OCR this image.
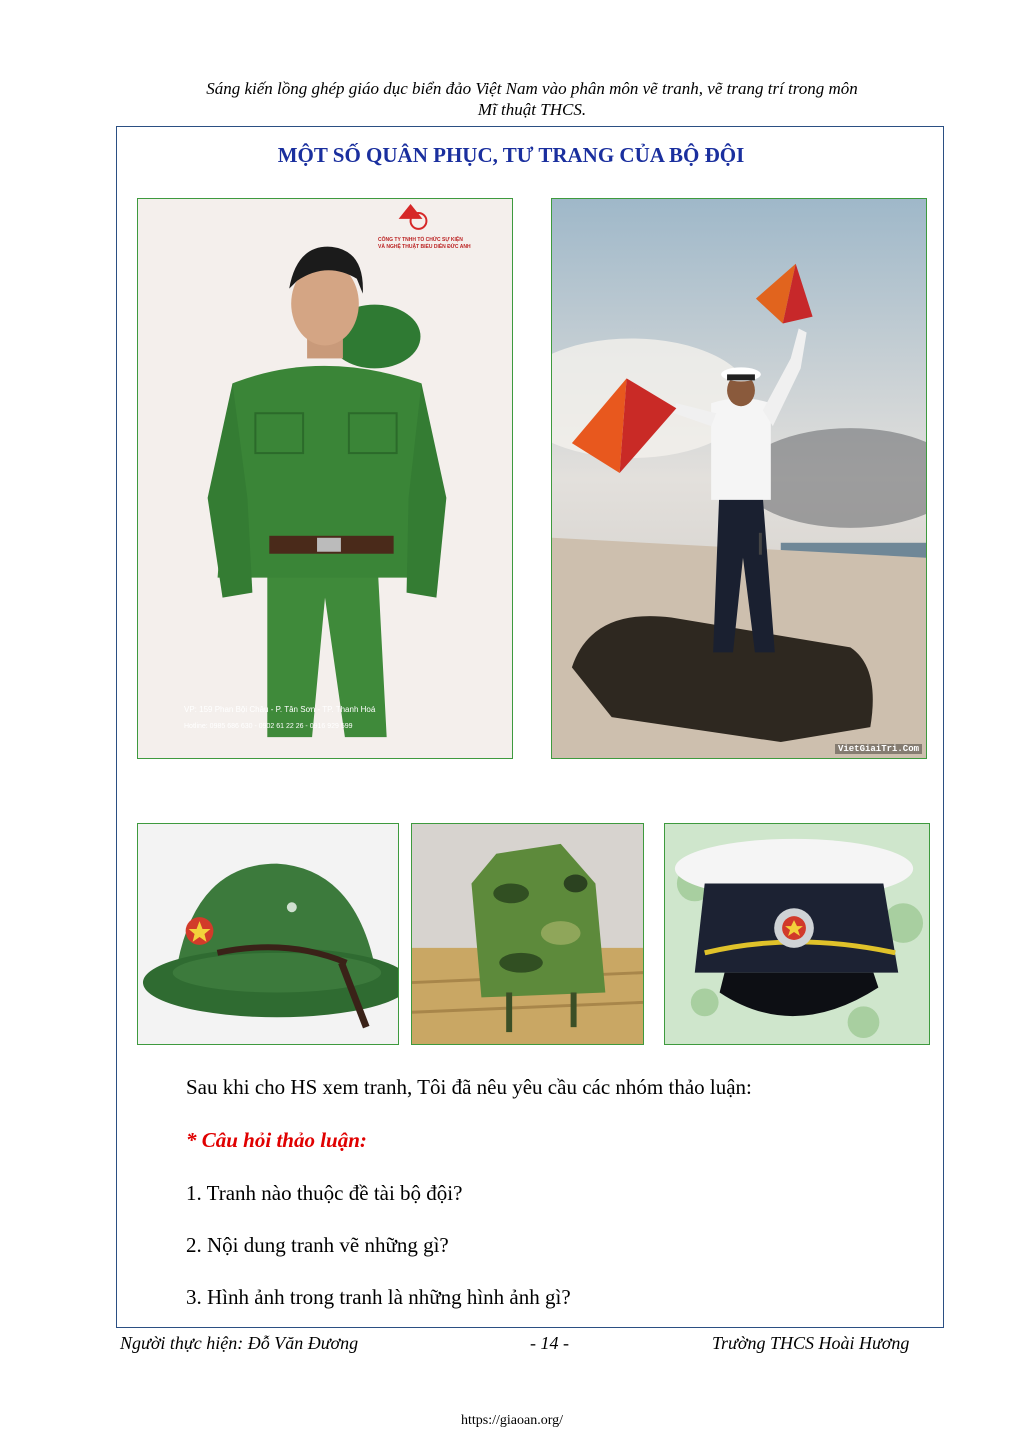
Sáng kiến lồng ghép giáo dục biển đảo Việt Nam vào phân môn vẽ tranh, vẽ trang trí trong môn
Mĩ thuật THCS.
MỘT SỐ QUÂN PHỤC, TƯ TRANG CỦA BỘ ĐỘI
CÔNG TY TNHH TỔ CHỨC SỰ KIỆN
VÀ NGHỆ THUẬT BIỂU DIỄN ĐỨC ANH
VP: 159 Phan Bội Châu - P. Tân Sơn - TP. Thanh Hoá
Hotline: 0985 686 630 - 0902 61 22 26 - 0916 929 599
VietGiaiTri.Com
Sau khi cho HS xem tranh, Tôi đã nêu yêu cầu các nhóm thảo luận:
* Câu hỏi thảo luận:
1. Tranh nào thuộc đề tài bộ đội?
2. Nội dung tranh vẽ những gì?
3. Hình ảnh trong tranh là những hình ảnh gì?
Người thực hiện: Đỗ Văn Đương	- 14 -	Trường THCS Hoài Hương
https://giaoan.org/
